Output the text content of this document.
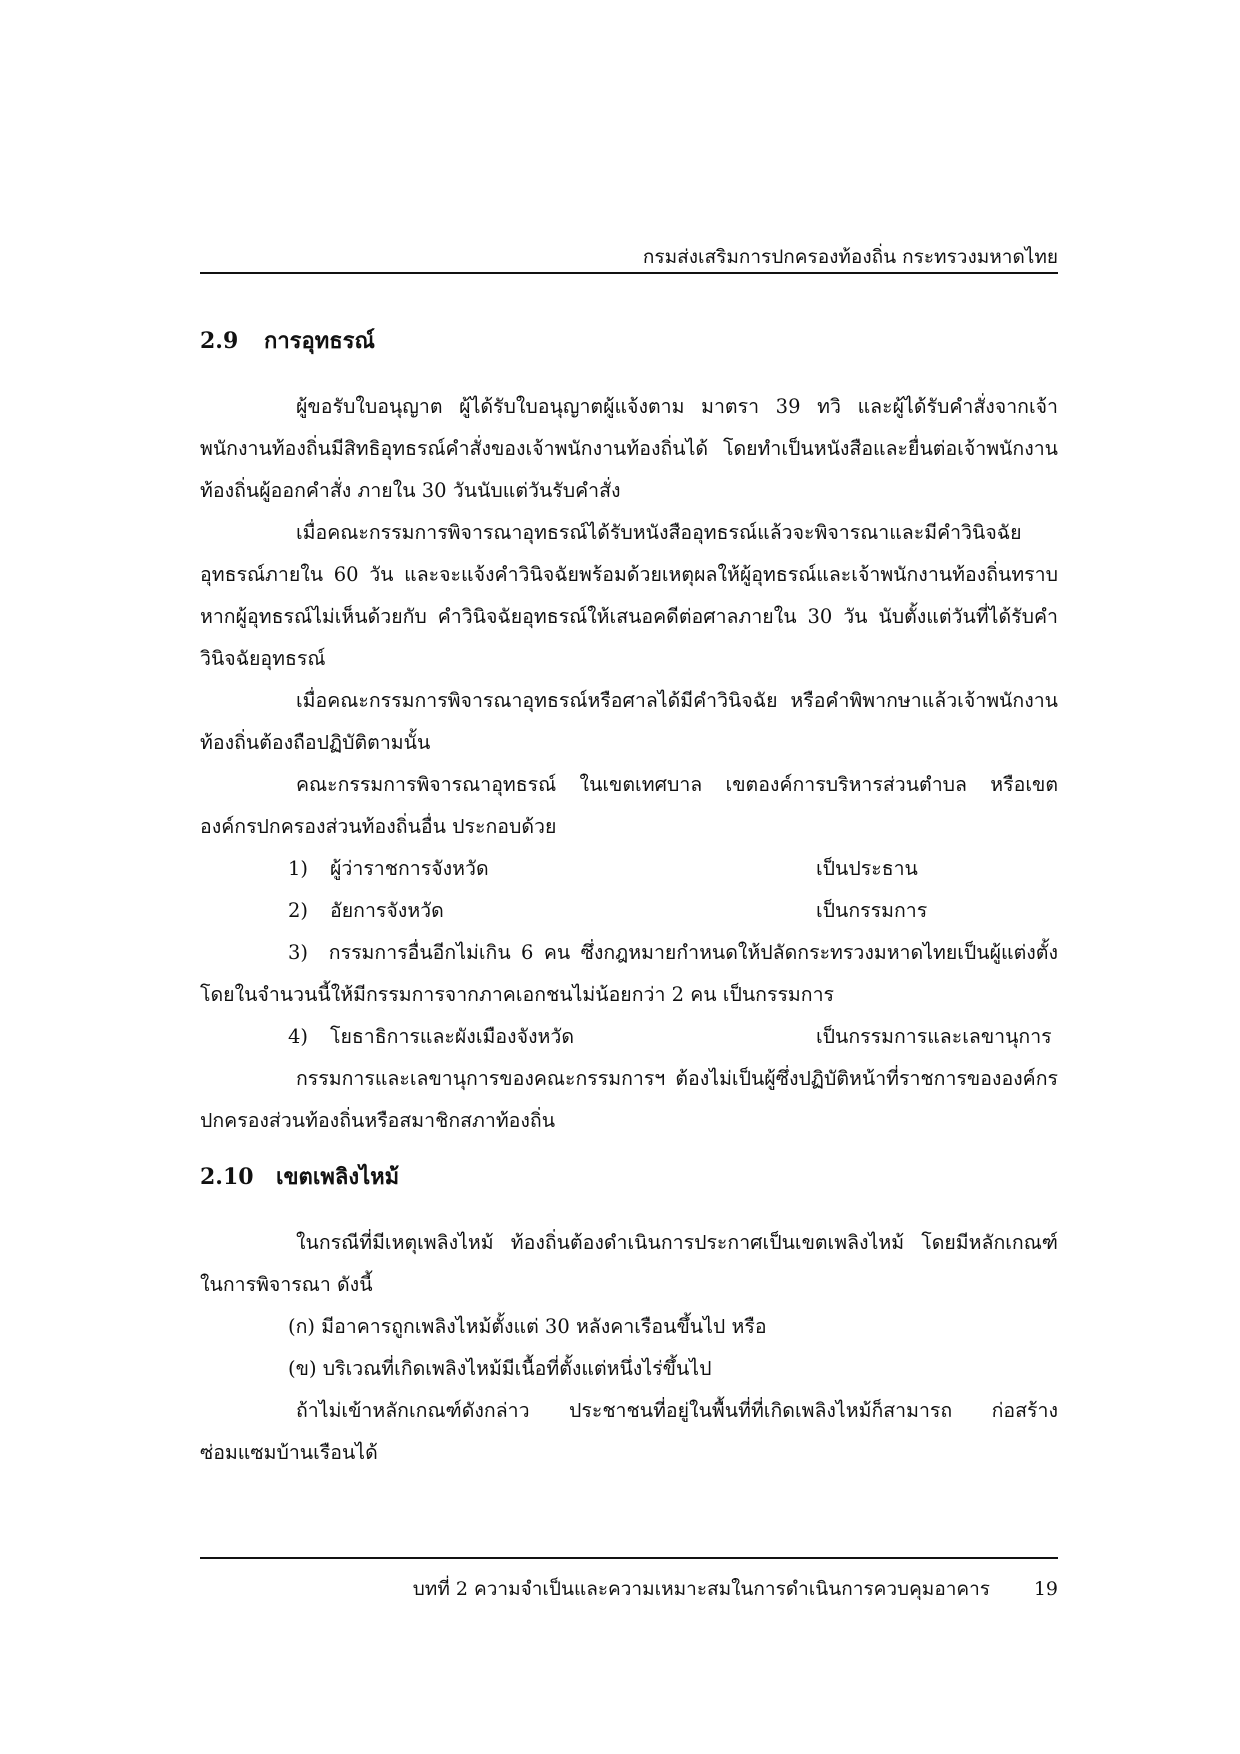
กรมส่งเสริมการปกครองท้องถิ่น กระทรวงมหาดไทย
2.9 การอุทธรณ์

ผู้ขอรับใบอนุญาต ผู้ได้รับใบอนุญาตผู้แจ้งตาม มาตรา 39 ทวิ และผู้ได้รับคำสั่งจากเจ้าพนักงานท้องถิ่นมีสิทธิอุทธรณ์คำสั่งของเจ้าพนักงานท้องถิ่นได้ โดยทำเป็นหนังสือและยื่นต่อเจ้าพนักงานท้องถิ่นผู้ออกคำสั่ง ภายใน 30 วันนับแต่วันรับคำสั่ง

เมื่อคณะกรรมการพิจารณาอุทธรณ์ได้รับหนังสืออุทธรณ์แล้วจะพิจารณาและมีคำวินิจฉัยอุทธรณ์ภายใน 60 วัน และจะแจ้งคำวินิจฉัยพร้อมด้วยเหตุผลให้ผู้อุทธรณ์และเจ้าพนักงานท้องถิ่นทราบ หากผู้อุทธรณ์ไม่เห็นด้วยกับ คำวินิจฉัยอุทธรณ์ให้เสนอคดีต่อศาลภายใน 30 วัน นับตั้งแต่วันที่ได้รับคำวินิจฉัยอุทธรณ์

เมื่อคณะกรรมการพิจารณาอุทธรณ์หรือศาลได้มีคำวินิจฉัย หรือคำพิพากษาแล้วเจ้าพนักงานท้องถิ่นต้องถือปฏิบัติตามนั้น

คณะกรรมการพิจารณาอุทธรณ์ ในเขตเทศบาล เขตองค์การบริหารส่วนตำบล หรือเขตองค์กรปกครองส่วนท้องถิ่นอื่น ประกอบด้วย

1) ผู้ว่าราชการจังหวัด	เป็นประธาน
2) อัยการจังหวัด	เป็นกรรมการ

3) กรรมการอื่นอีกไม่เกิน 6 คน ซึ่งกฎหมายกำหนดให้ปลัดกระทรวงมหาดไทยเป็นผู้แต่งตั้ง โดยในจำนวนนี้ให้มีกรรมการจากภาคเอกชนไม่น้อยกว่า 2 คน เป็นกรรมการ

4) โยธาธิการและผังเมืองจังหวัด	เป็นกรรมการและเลขานุการ

กรรมการและเลขานุการของคณะกรรมการฯ ต้องไม่เป็นผู้ซึ่งปฏิบัติหน้าที่ราชการขององค์กรปกครองส่วนท้องถิ่นหรือสมาชิกสภาท้องถิ่น

2.10 เขตเพลิงไหม้

ในกรณีที่มีเหตุเพลิงไหม้ ท้องถิ่นต้องดำเนินการประกาศเป็นเขตเพลิงไหม้ โดยมีหลักเกณฑ์ในการพิจารณา ดังนี้

(ก) มีอาคารถูกเพลิงไหม้ตั้งแต่ 30 หลังคาเรือนขึ้นไป หรือ
(ข) บริเวณที่เกิดเพลิงไหม้มีเนื้อที่ตั้งแต่หนึ่งไร่ขึ้นไป

ถ้าไม่เข้าหลักเกณฑ์ดังกล่าว ประชาชนที่อยู่ในพื้นที่ที่เกิดเพลิงไหม้ก็สามารถ ก่อสร้างซ่อมแซมบ้านเรือนได้

บทที่ 2 ความจำเป็นและความเหมาะสมในการดำเนินการควบคุมอาคาร	19
